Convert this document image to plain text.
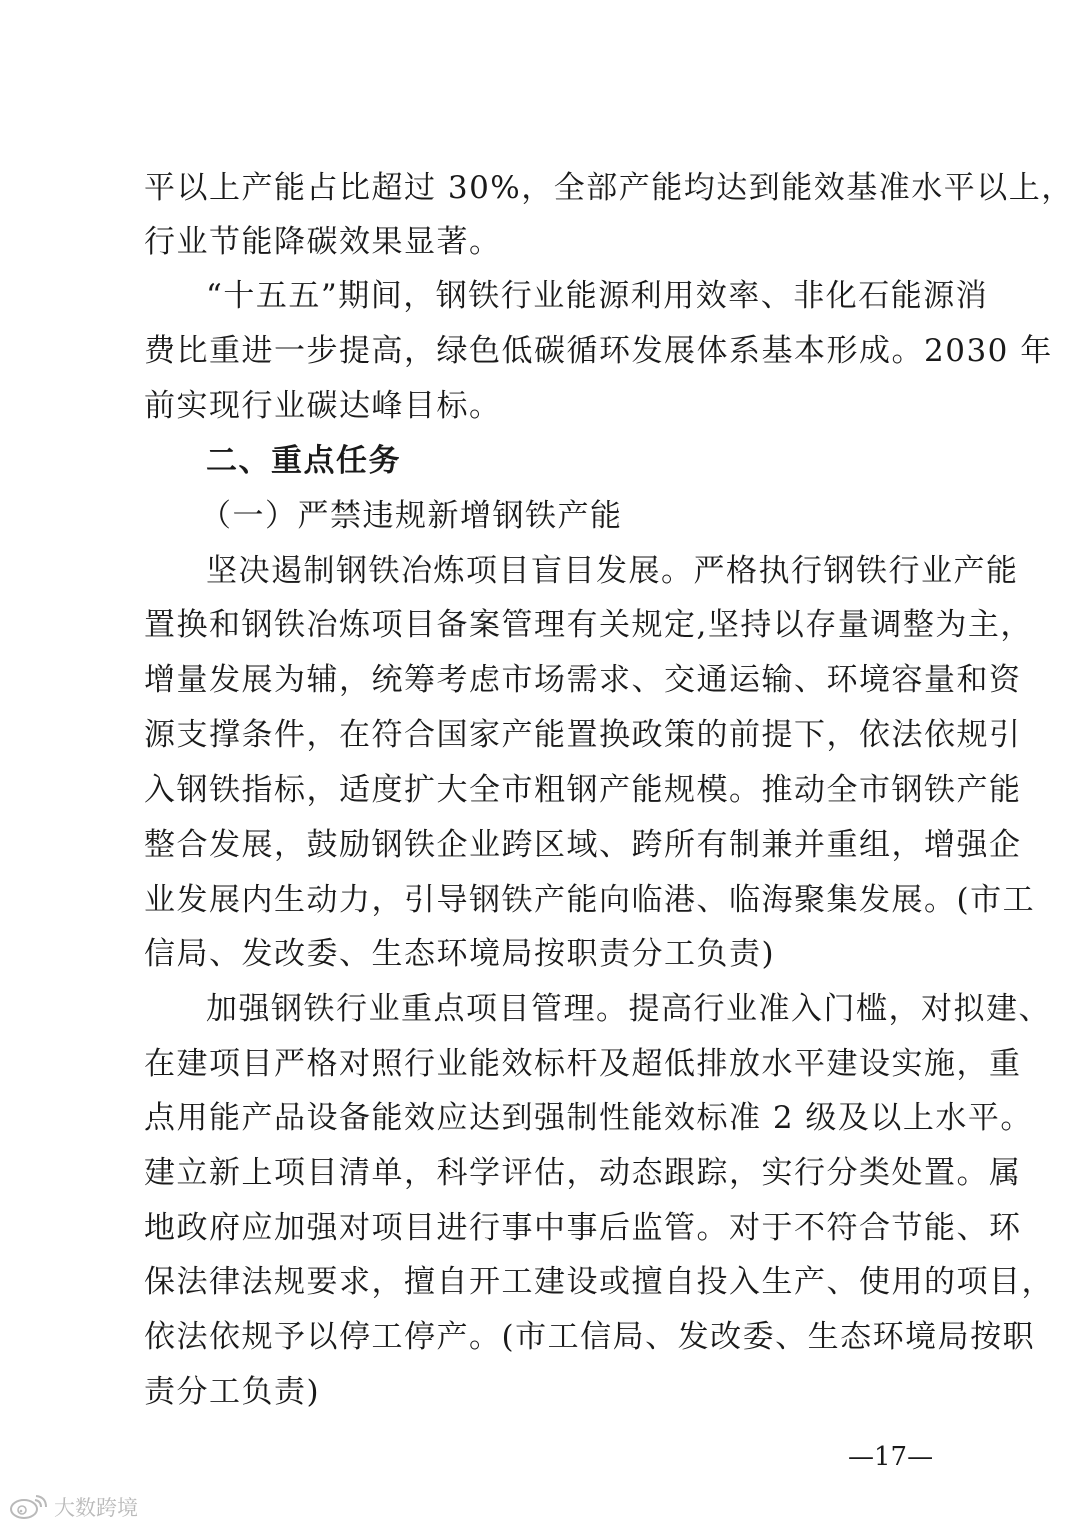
平以上产能占比超过 30%，全部产能均达到能效基准水平以上，
行业节能降碳效果显著。
“十五五”期间，钢铁行业能源利用效率、非化石能源消
费比重进一步提高，绿色低碳循环发展体系基本形成。2030 年
前实现行业碳达峰目标。
二、重点任务
（一）严禁违规新增钢铁产能
坚决遏制钢铁冶炼项目盲目发展。严格执行钢铁行业产能
置换和钢铁冶炼项目备案管理有关规定,坚持以存量调整为主，
增量发展为辅，统筹考虑市场需求、交通运输、环境容量和资
源支撑条件，在符合国家产能置换政策的前提下，依法依规引
入钢铁指标，适度扩大全市粗钢产能规模。推动全市钢铁产能
整合发展，鼓励钢铁企业跨区域、跨所有制兼并重组，增强企
业发展内生动力，引导钢铁产能向临港、临海聚集发展。(市工
信局、发改委、生态环境局按职责分工负责)
加强钢铁行业重点项目管理。提高行业准入门槛，对拟建、
在建项目严格对照行业能效标杆及超低排放水平建设实施，重
点用能产品设备能效应达到强制性能效标准 2 级及以上水平。
建立新上项目清单，科学评估，动态跟踪，实行分类处置。属
地政府应加强对项目进行事中事后监管。对于不符合节能、环
保法律法规要求，擅自开工建设或擅自投入生产、使用的项目，
依法依规予以停工停产。(市工信局、发改委、生态环境局按职
责分工负责)
—17—
大数跨境
